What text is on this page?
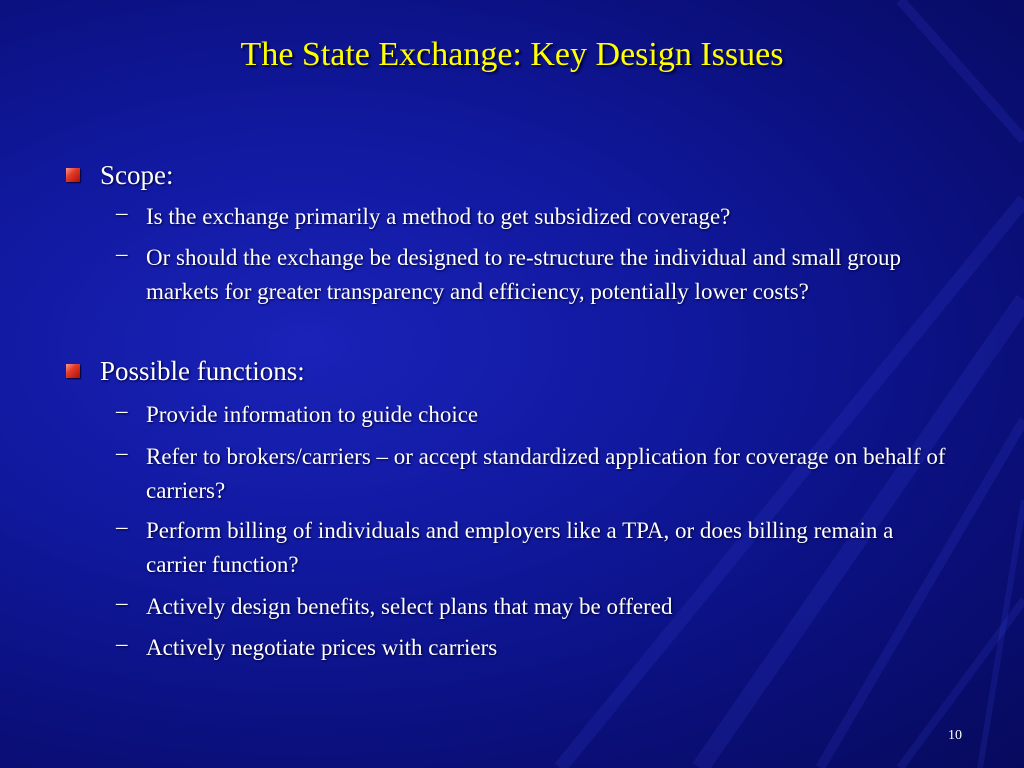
The State Exchange: Key Design Issues
Scope:
– Is the exchange primarily a method to get subsidized coverage?
– Or should the exchange be designed to re-structure the individual and small group markets for greater transparency and efficiency, potentially lower costs?
Possible functions:
– Provide information to guide choice
– Refer to brokers/carriers – or accept standardized application for coverage on behalf of carriers?
– Perform billing of individuals and employers like a TPA, or does billing remain a carrier function?
– Actively design benefits, select plans that may be offered
– Actively negotiate prices with carriers
10
